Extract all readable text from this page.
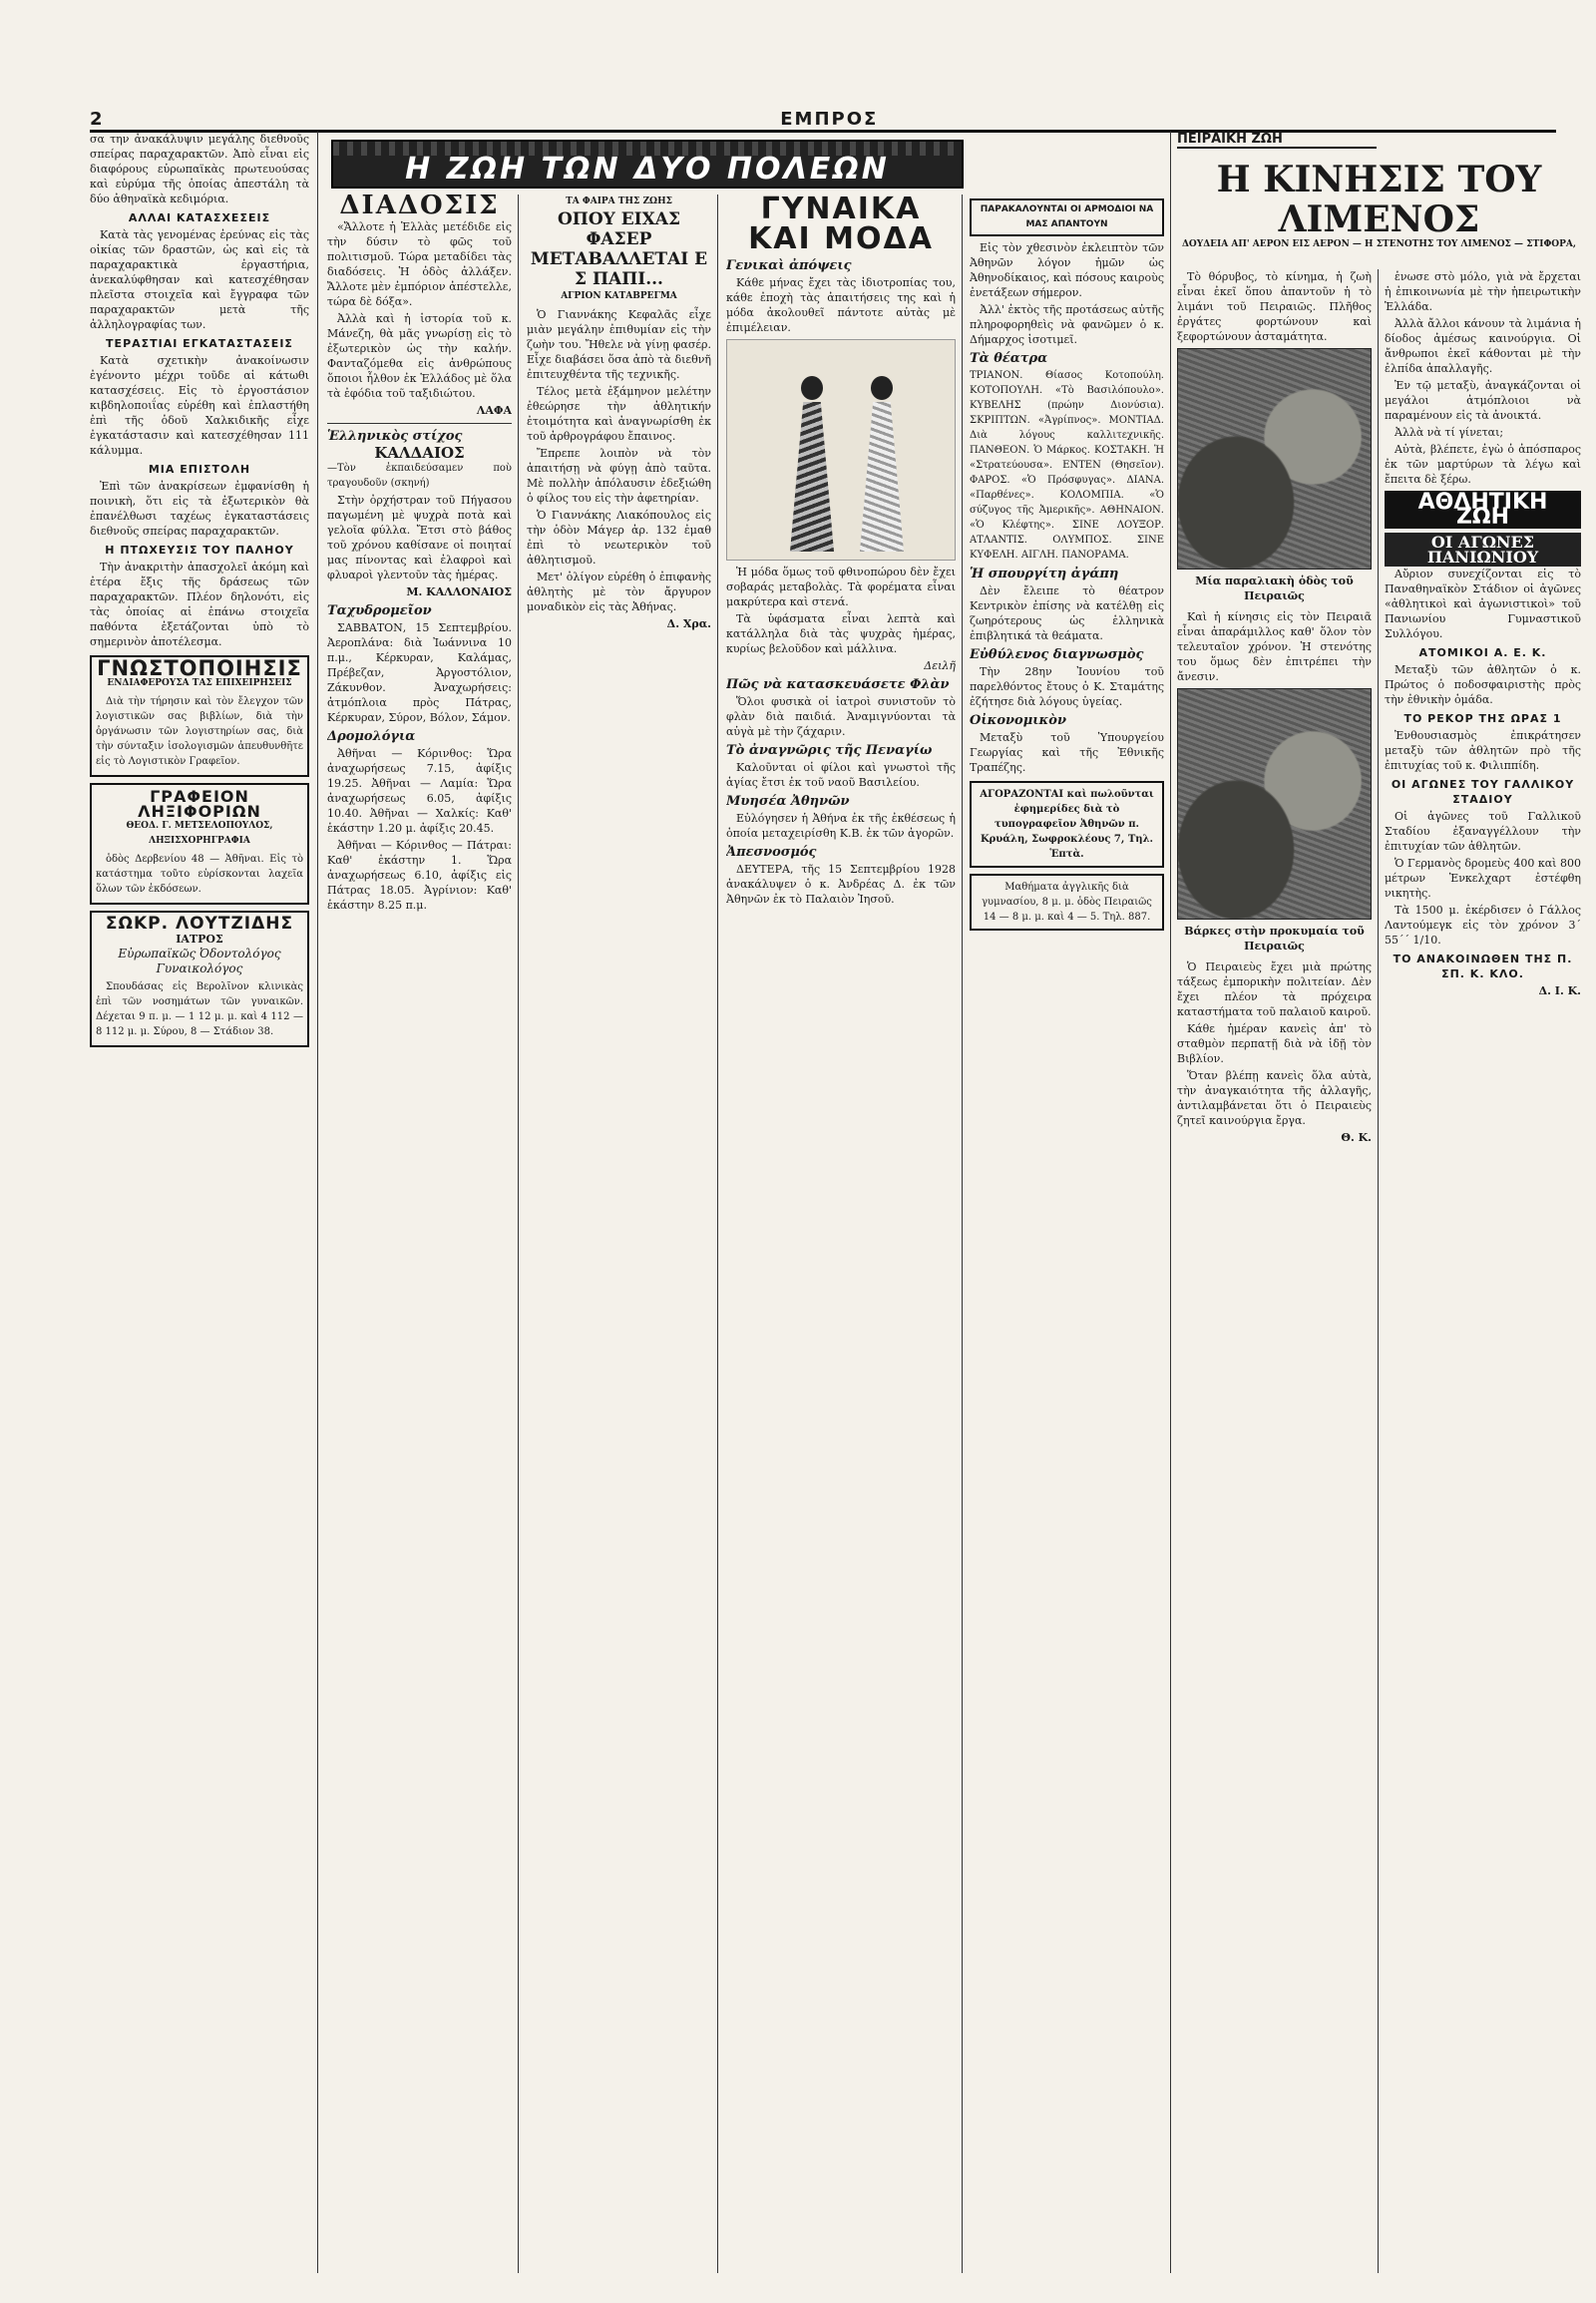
2	ΕΜΠΡΟΣ

σα την ἀνακάλυψιν μεγάλης διεθνοῦς σπείρας παραχαρακτῶν. Ἀπὸ εἶναι εἰς διαφόρους εὐρωπαϊκὰς πρωτευούσας καὶ εὐρύμα τῆς ὁποίας ἀπεστάλη τὰ δύο ἀθηναϊκὰ κεδιμόρια.

ΑΛΛΑΙ ΚΑΤΑΣΧΕΣΕΙΣ

Κατὰ τὰς γενομένας ἐρεύνας εἰς τὰς οἰκίας τῶν δραστῶν, ὡς καὶ εἰς τὰ παραχαρακτικὰ ἐργαστήρια, ἀνεκαλύφθησαν καὶ κατεσχέθησαν πλεῖστα στοιχεῖα καὶ ἔγγραφα τῶν παραχαρακτῶν μετὰ τῆς ἀλληλογραφίας των.

ΤΕΡΑΣΤΙΑΙ ΕΓΚΑΤΑΣΤΑΣΕΙΣ

Κατὰ σχετικὴν ἀνακοίνωσιν ἐγένοντο μέχρι τοῦδε αἱ κάτωθι κατασχέσεις. Εἰς τὸ ἐργοστάσιον κιβδηλοποιΐας εὑρέθη καὶ ἐπλαστήθη ἐπὶ τῆς ὁδοῦ Χαλκιδικῆς εἶχε ἐγκατάστασιν καὶ κατεσχέθησαν 111 κάλυμμα.

ΜΙΑ ΕΠΙΣΤΟΛΗ

Ἐπὶ τῶν ἀνακρίσεων ἐμφανίσθη ἡ ποινικὴ, ὅτι εἰς τὰ ἐξωτερικὸν θὰ ἐπανέλθωσι ταχέως ἐγκαταστάσεις διεθνοῦς σπείρας παραχαρακτῶν.

Η ΠΤΩΧΕΥΣΙΣ ΤΟΥ ΠΑΛΗΟΥ

Τὴν ἀνακριτὴν ἀπασχολεῖ ἀκόμη καὶ ἐτέρα ἔξις τῆς δράσεως τῶν παραχαρακτῶν. Πλέον δηλονότι, εἰς τὰς ὁποίας αἱ ἐπάνω στοιχεῖα παθόντα ἐξετάζονται ὑπὸ τὸ σημερινὸν ἀποτέλεσμα.

ΓΝΩΣΤΟΠΟΙΗΣΙΣ
ΕΝΔΙΑΦΕΡΟΥΣΑ ΤΑΣ ΕΠΙΧΕΙΡΗΣΕΙΣ

Διὰ τὴν τήρησιν καὶ τὸν ἔλεγχον τῶν λογιστικῶν σας βιβλίων, διὰ τὴν ὀργάνωσιν τῶν λογιστηρίων σας, διὰ τὴν σύνταξιν ἰσολογισμῶν ἀπευθυνθῆτε εἰς τὸ Λογιστικὸν Γραφεῖον.

ΓΡΑΦΕΙΟΝ ΛΗΞΙΦΟΡΙΩΝ
ΘΕΟΔ. Γ. ΜΕΤΣΕΛΟΠΟΥΛΟΣ, ΛΗΞΙΣΧΟΡΗΓΡΑΦΙΑ

ὁδὸς Δερβενίου 48 — Ἀθῆναι. Εἰς τὸ κατάστημα τοῦτο εὑρίσκονται λαχεῖα ὅλων τῶν ἐκδόσεων.

ΣΩΚΡ. ΛΟΥΤΖΙΔΗΣ
ΙΑΤΡΟΣ
Εὐρωπαϊκῶς Ὀδοντολόγος Γυναικολόγος

Σπουδάσας εἰς Βερολῖνον κλινικὰς ἐπὶ τῶν νοσημάτων τῶν γυναικῶν. Δέχεται 9 π. μ. — 1 12 μ. μ. καὶ 4 112 — 8 112 μ. μ. Σύρου, 8 — Στάδιον 38.

Η ΖΩΗ ΤΩΝ ΔΥΟ ΠΟΛΕΩΝ
ΔΙΑΔΟΣΙΣ

«Ἄλλοτε ἡ Ἑλλὰς μετέδιδε εἰς τὴν δύσιν τὸ φῶς τοῦ πολιτισμοῦ. Τώρα μεταδίδει τὰς διαδόσεις. Ἡ ὁδὸς ἀλλάξεν. Ἄλλοτε μὲν ἐμπόριον ἀπέστελλε, τώρα δὲ δόξα».

Ἀλλὰ καὶ ἡ ἱστορία τοῦ κ. Μάνεζη, θὰ μᾶς γνωρίσῃ εἰς τὸ ἐξωτερικὸν ὡς τὴν καλήν. Φανταζόμεθα εἰς ἀνθρώπους ὅποιοι ἦλθον ἐκ Ἑλλάδος μὲ ὅλα τὰ ἐφόδια τοῦ ταξιδιώτου.

ΛΑΦΑ
Ἑλληνικὸς στίχος
ΚΑΛΔΑΙΟΣ

—Τὸν ἐκπαιδεύσαμεν ποὺ τραγουδοῦν (σκηνή)

Στὴν ὀρχήστραν τοῦ Πήγασου παγωμένη μὲ ψυχρὰ ποτὰ καὶ γελοῖα φύλλα. Ἔτσι στὸ βάθος τοῦ χρόνου καθίσανε οἱ ποιηταί μας πίνοντας καὶ ἐλαφροὶ καὶ φλυαροὶ γλεντοῦν τὰς ἡμέρας.

Μ. ΚΑΛΛΟΝΑΙΟΣ
Ταχυδρομεῖον

ΣΑΒΒΑΤΟΝ, 15 Σεπτεμβρίου. Ἀεροπλάνα: διὰ Ἰωάννινα 10 π.μ., Κέρκυραν, Καλάμας, Πρέβεζαν, Ἀργοστόλιον, Ζάκυνθον. Ἀναχωρήσεις: ἀτμόπλοια πρὸς Πάτρας, Κέρκυραν, Σύρον, Βόλον, Σάμον.

Δρομολόγια

Ἀθῆναι — Κόρινθος: Ὥρα ἀναχωρήσεως 7.15, ἀφίξις 19.25. Ἀθῆναι — Λαμία: Ὥρα ἀναχωρήσεως 6.05, ἀφίξις 10.40. Ἀθῆναι — Χαλκίς: Καθ' ἑκάστην 1.20 μ. ἀφίξις 20.45.

Ἀθῆναι — Κόρινθος — Πάτραι: Καθ' ἑκάστην 1. Ὥρα ἀναχωρήσεως 6.10, ἀφίξις εἰς Πάτρας 18.05. Ἀγρίνιον: Καθ' ἑκάστην 8.25 π.μ.

ΤΑ ΦΑΙΡΑ ΤΗΣ ΖΩΗΣ
ΟΠΟΥ ΕΙΧΑΣ ΦΑΣΕΡ ΜΕΤΑΒΑΛΛΕΤΑΙ Ε Σ ΠΑΠΙ...
ΑΓΡΙΟΝ ΚΑΤΑΒΡΕΓΜΑ

Ὁ Γιαννάκης Κεφαλᾶς εἶχε μιὰν μεγάλην ἐπιθυμίαν εἰς τὴν ζωὴν του. Ἤθελε νὰ γίνῃ φασέρ. Εἶχε διαβάσει ὅσα ἀπὸ τὰ διεθνῆ ἐπιτευχθέντα τῆς τεχνικῆς.

Τέλος μετὰ ἐξάμηνον μελέτην ἐθεώρησε τὴν ἀθλητικήν ἐτοιμότητα καὶ ἀναγνωρίσθη ἐκ τοῦ ἀρθρογράφου ἔπαινος.

Ἔπρεπε λοιπὸν νὰ τὸν ἀπαιτήσῃ νὰ φύγῃ ἀπὸ ταῦτα. Μὲ πολλὴν ἀπόλαυσιν ἐδεξιώθη ὁ φίλος του εἰς τὴν ἀφετηρίαν.

Ὁ Γιαννάκης Λιακόπουλος εἰς τὴν ὁδὸν Μάγερ ἀρ. 132 ἐμαθ ἐπὶ τὸ νεωτερικὸν τοῦ ἀθλητισμοῦ.

Μετ' ὀλίγον εὑρέθη ὁ ἐπιφανὴς ἀθλητὴς μὲ τὸν ἄργυρον μοναδικὸν εἰς τὰς Ἀθήνας.

Δ. Χρα.
ΓΥΝΑΙΚΑ ΚΑΙ ΜΟΔΑ
Γενικαὶ ἀπόψεις

Κάθε μήνας ἔχει τὰς ἰδιοτροπίας του, κάθε ἐποχὴ τὰς ἀπαιτήσεις της καὶ ἡ μόδα ἀκολουθεῖ πάντοτε αὐτὰς μὲ ἐπιμέλειαν.

Ἡ μόδα ὅμως τοῦ φθινοπώρου δὲν ἔχει σοβαράς μεταβολὰς. Τὰ φορέματα εἶναι μακρύτερα καὶ στενά.

Τὰ ὑφάσματα εἶναι λεπτὰ καὶ κατάλληλα διὰ τὰς ψυχρὰς ἡμέρας, κυρίως βελοῦδον καὶ μάλλινα.

Δειλῆ
Πῶς νὰ κατασκευάσετε Φλὰν

Ὅλοι φυσικὰ οἱ ἰατροὶ συνιστοῦν τὸ φλὰν διὰ παιδιά. Ἀναμιγνύονται τὰ αὐγὰ μὲ τὴν ζάχαριν.

Τὸ ἀναγνῶρις τῆς Πεναγίω

Καλοῦνται οἱ φίλοι καὶ γνωστοὶ τῆς ἁγίας ἔτσι ἐκ τοῦ ναοῦ Βασιλείου.

Μυησέα Ἀθηνῶν

Εὐλόγησεν ἡ Ἀθήνα ἐκ τῆς ἐκθέσεως ἡ ὁποία μεταχειρίσθη Κ.Β. ἐκ τῶν ἀγορῶν.

Ἀπεσνοσμός

ΔΕΥΤΕΡΑ, τῆς 15 Σεπτεμβρίου 1928 ἀνακάλυψεν ὁ κ. Ἀνδρέας Δ. ἐκ τῶν Ἀθηνῶν ἐκ τὸ Παλαιὸν Ἰησοῦ.

ΠΑΡΑΚΑΛΟΥΝΤΑΙ ΟΙ ΑΡΜΟΔΙΟΙ ΝΑ ΜΑΣ ΑΠΑΝΤΟΥΝ

Εἰς τὸν χθεσινὸν ἐκλειπτὸν τῶν Ἀθηνῶν λόγον ἡμῶν ὡς Ἀθηνοδίκαιος, καὶ πόσους καιροὺς ἐνετάξεων σήμερον.

Ἀλλ' ἐκτὸς τῆς προτάσεως αὐτῆς πληροφορηθεὶς νὰ φανῶμεν ὁ κ. Δήμαρχος ἰσοτιμεῖ.

Τὰ θέατρα

ΤΡΙΑΝΟΝ. Θίασος Κοτοπούλη. ΚΟΤΟΠΟΥΛΗ. «Τὸ Βασιλόπουλο». ΚΥΒΕΛΗΣ (πρώην Διονύσια). ΣΚΡΙΠΤΩΝ. «Ἀγρίπνος». ΜΟΝΤΙΑΔ. Διὰ λόγους καλλιτεχνικῆς. ΠΑΝΘΕΟΝ. Ὁ Μάρκος. ΚΟΣΤΑΚΗ. Ἡ «Στρατεύουσα». ΕΝΤΕΝ (Θησεῖον). ΦΑΡΟΣ. «Ὁ Πρόσφυγας». ΔΙΑΝΑ. «Παρθένες». ΚΟΛΟΜΠΙΑ. «Ὁ σύζυγος τῆς Ἀμερικῆς». ΑΘΗΝΑΙΟΝ. «Ὁ Κλέφτης». ΣΙΝΕ ΛΟΥΞΟΡ. ΑΤΛΑΝΤΙΣ. ΟΛΥΜΠΟΣ. ΣΙΝΕ ΚΥΦΕΛΗ. ΑΙΓΛΗ. ΠΑΝΟΡΑΜΑ.

Ἡ σπουργίτη ἀγάπη

Δὲν ἔλειπε τὸ θέατρον Κεντρικὸν ἐπίσης νὰ κατέλθῃ εἰς ζωηρότερους ὡς ἑλληνικὰ ἐπιβλητικά τὰ θεάματα.

Εὐθύλενος διαγνωσμὸς

Τὴν 28ην Ἰουνίου τοῦ παρελθόντος ἔτους ὁ Κ. Σταμάτης ἐζήτησε διὰ λόγους ὑγείας.

Οἰκονομικὸν

Μεταξὺ τοῦ Ὑπουργείου Γεωργίας καὶ τῆς Ἐθνικῆς Τραπέζης.

ΑΓΟΡΑΖΟΝΤΑΙ καὶ πωλοῦνται ἐφημερίδες διὰ τὸ τυπογραφεῖον Ἀθηνῶν π. Κρυάλη, Σωφροκλέους 7, Τηλ. Ἑπτὰ.
Μαθήματα ἀγγλικῆς διὰ γυμνασίου, 8 μ. μ. ὁδὸς Πειραιῶς 14 — 8 μ. μ. καὶ 4 — 5. Τηλ. 887.
ΠΕΙΡΑΙΚΗ ΖΩΗ
Η ΚΙΝΗΣΙΣ ΤΟΥ ΛΙΜΕΝΟΣ
ΔΟΥΔΕΙΑ ΑΠ' ΑΕΡΟΝ ΕΙΣ ΑΕΡΟΝ — Η ΣΤΕΝΟΤΗΣ ΤΟΥ ΛΙΜΕΝΟΣ — ΣΤΙΦΟΡΑ,

Τὸ θόρυβος, τὸ κίνημα, ἡ ζωὴ εἶναι ἐκεῖ ὅπου ἀπαντοῦν ἡ τὸ λιμάνι τοῦ Πειραιῶς. Πλῆθος ἐργάτες φορτώνουν καὶ ξεφορτώνουν ἀσταμάτητα.

Μία παραλιακὴ ὁδὸς τοῦ Πειραιῶς

Καὶ ἡ κίνησις εἰς τὸν Πειραιᾶ εἶναι ἀπαράμιλλος καθ' ὅλον τὸν τελευταῖον χρόνον. Ἡ στενότης του ὅμως δὲν ἐπιτρέπει τὴν ἄνεσιν.

Βάρκες στὴν προκυμαία τοῦ Πειραιῶς

Ὁ Πειραιεὺς ἔχει μιὰ πρώτης τάξεως ἐμπορικὴν πολιτείαν. Δὲν ἔχει πλέον τὰ πρόχειρα καταστήματα τοῦ παλαιοῦ καιροῦ.

Κάθε ἡμέραν κανεὶς ἀπ' τὸ σταθμὸν περπατῇ διὰ νὰ ἰδῇ τὸν Βιβλίον.

Ὅταν βλέπῃ κανεὶς ὅλα αὐτὰ, τὴν ἀναγκαιότητα τῆς ἀλλαγῆς, ἀντιλαμβάνεται ὅτι ὁ Πειραιεὺς ζητεῖ καινούργια ἔργα.

Θ. Κ.

ἑνωσε στὸ μόλο, γιὰ νὰ ἔρχεται ἡ ἐπικοινωνία μὲ τὴν ἡπειρωτικὴν Ἑλλάδα.

Ἀλλὰ ἄλλοι κάνουν τὰ λιμάνια ἡ δίοδος ἀμέσως καινούργια. Οἱ ἄνθρωποι ἐκεῖ κάθονται μὲ τὴν ἐλπίδα ἀπαλλαγῆς.

Ἐν τῷ μεταξὺ, ἀναγκάζονται οἱ μεγάλοι ἀτμόπλοιοι νὰ παραμένουν εἰς τὰ ἀνοικτά.

Ἀλλὰ νὰ τί γίνεται;

Αὐτὰ, βλέπετε, ἐγὼ ὁ ἀπόσπαρος ἐκ τῶν μαρτύρων τὰ λέγω καὶ ἔπειτα δὲ ξέρω.

ΑΘΛΗΤΙΚΗ ΖΩΗ
ΟΙ ΑΓΩΝΕΣ ΠΑΝΙΩΝΙΟΥ

Αὔριον συνεχίζονται εἰς τὸ Παναθηναϊκὸν Στάδιον οἱ ἀγῶνες «ἀθλητικοὶ καὶ ἀγωνιστικοὶ» τοῦ Πανιωνίου Γυμναστικοῦ Συλλόγου.

ΑΤΟΜΙΚΟΙ Α. Ε. Κ.

Μεταξὺ τῶν ἀθλητῶν ὁ κ. Πρώτος ὁ ποδοσφαιριστὴς πρὸς τὴν ἐθνικὴν ὁμάδα.

ΤΟ ΡΕΚΟΡ ΤΗΣ ΩΡΑΣ 1

Ἐνθουσιασμὸς ἐπικράτησεν μεταξὺ τῶν ἀθλητῶν πρὸ τῆς ἐπιτυχίας τοῦ κ. Φιλιππίδη.

ΟΙ ΑΓΩΝΕΣ ΤΟΥ ΓΑΛΛΙΚΟΥ ΣΤΑΔΙΟΥ

Οἱ ἀγῶνες τοῦ Γαλλικοῦ Σταδίου ἐξαναγγέλλουν τὴν ἐπιτυχίαν τῶν ἀθλητῶν.

Ὁ Γερμανὸς δρομεὺς 400 καὶ 800 μέτρων Ἐνκελχαρτ ἐστέφθη νικητὴς.

Τὰ 1500 μ. ἐκέρδισεν ὁ Γάλλος Λαντούμεγκ εἰς τὸν χρόνον 3΄ 55΄΄ 1/10.

ΤΟ ΑΝΑΚΟΙΝΩΘΕΝ ΤΗΣ Π. ΣΠ. Κ. ΚΛΟ.
Δ. Ι. Κ.
